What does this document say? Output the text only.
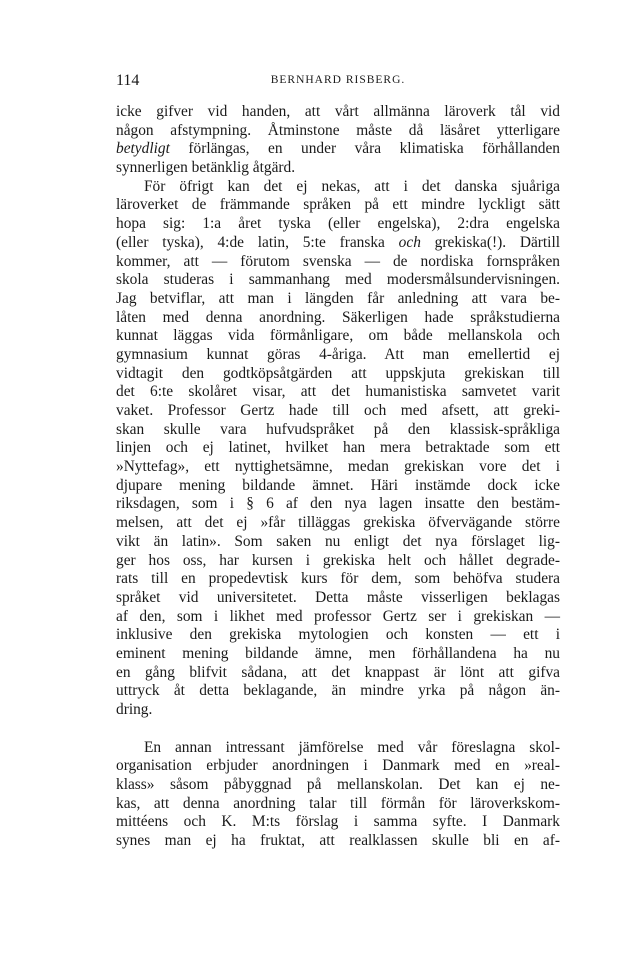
114	BERNHARD RISBERG.
icke gifver vid handen, att vårt allmänna läroverk tål vid
någon afstympning. Åtminstone måste då läsåret ytterligare
betydligt förlängas, en under våra klimatiska förhållanden
synnerligen betänklig åtgärd.
För öfrigt kan det ej nekas, att i det danska sjuåriga
läroverket de främmande språken på ett mindre lyckligt sätt
hopa sig: 1:a året tyska (eller engelska), 2:dra engelska
(eller tyska), 4:de latin, 5:te franska och grekiska(!). Därtill
kommer, att — förutom svenska — de nordiska fornspråken
skola studeras i sammanhang med modersmålsundervisningen.
Jag betviflar, att man i längden får anledning att vara be-
låten med denna anordning. Säkerligen hade språkstudierna
kunnat läggas vida förmånligare, om både mellanskola och
gymnasium kunnat göras 4-åriga. Att man emellertid ej
vidtagit den godtköpsåtgärden att uppskjuta grekiskan till
det 6:te skolåret visar, att det humanistiska samvetet varit
vaket. Professor Gertz hade till och med afsett, att greki-
skan skulle vara hufvudspråket på den klassisk-språkliga
linjen och ej latinet, hvilket han mera betraktade som ett
»Nyttefag», ett nyttighetsämne, medan grekiskan vore det i
djupare mening bildande ämnet. Häri instämde dock icke
riksdagen, som i § 6 af den nya lagen insatte den bestäm-
melsen, att det ej »får tilläggas grekiska öfvervägande större
vikt än latin». Som saken nu enligt det nya förslaget lig-
ger hos oss, har kursen i grekiska helt och hållet degrade-
rats till en propedevtisk kurs för dem, som behöfva studera
språket vid universitetet. Detta måste visserligen beklagas
af den, som i likhet med professor Gertz ser i grekiskan —
inklusive den grekiska mytologien och konsten — ett i
eminent mening bildande ämne, men förhållandena ha nu
en gång blifvit sådana, att det knappast är lönt att gifva
uttryck åt detta beklagande, än mindre yrka på någon än-
dring.
En annan intressant jämförelse med vår föreslagna skol-
organisation erbjuder anordningen i Danmark med en »real-
klass» såsom påbyggnad på mellanskolan. Det kan ej ne-
kas, att denna anordning talar till förmån för läroverkskom-
mittéens och K. M:ts förslag i samma syfte. I Danmark
synes man ej ha fruktat, att realklassen skulle bli en af-
